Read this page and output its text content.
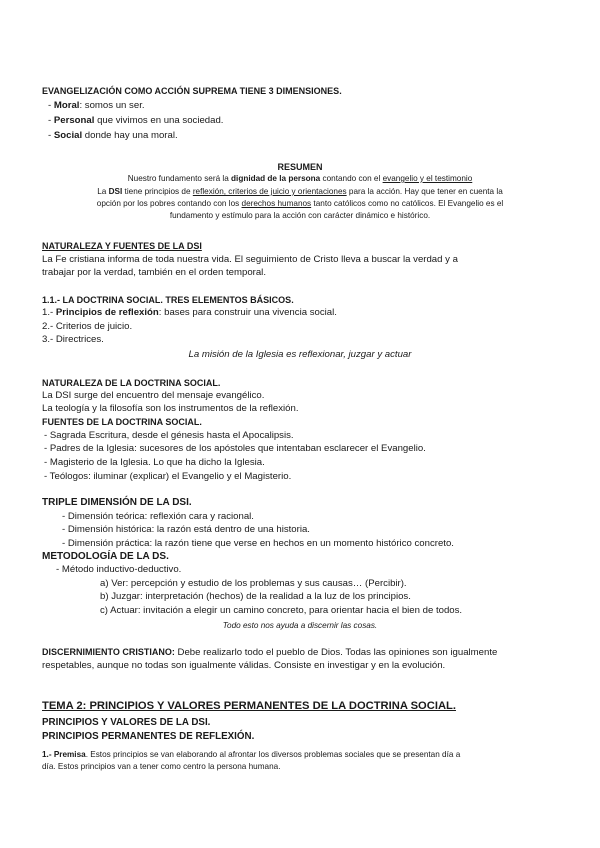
EVANGELIZACIÓN COMO ACCIÓN SUPREMA TIENE 3 DIMENSIONES.
- Moral: somos un ser.
- Personal que vivimos en una sociedad.
- Social donde hay una moral.
RESUMEN
Nuestro fundamento será la dignidad de la persona contando con el evangelio y el testimonio
La DSI tiene principios de reflexión, criterios de juicio y orientaciones para la acción. Hay que tener en cuenta la
opción por los pobres contando con los derechos humanos tanto católicos como no católicos. El Evangelio es el
fundamento y estímulo para la acción con carácter dinámico e histórico.
NATURALEZA Y FUENTES DE LA DSI
La Fe cristiana informa de toda nuestra vida. El seguimiento de Cristo lleva a buscar la verdad y a
trabajar por la verdad, también en el orden temporal.
1.1.- LA DOCTRINA SOCIAL. TRES ELEMENTOS BÁSICOS.
1.- Principios de reflexión: bases para construir una vivencia social.
2.- Criterios de juicio.
3.- Directrices.
La misión de la Iglesia es reflexionar, juzgar y actuar
NATURALEZA DE LA DOCTRINA SOCIAL.
La DSI surge del encuentro del mensaje evangélico.
La teología y la filosofía son los instrumentos de la reflexión.
FUENTES DE LA DOCTRINA SOCIAL.
- Sagrada Escritura, desde el génesis hasta el Apocalipsis.
- Padres de la Iglesia: sucesores de los apóstoles que intentaban esclarecer el Evangelio.
- Magisterio de la Iglesia. Lo que ha dicho la Iglesia.
- Teólogos: iluminar (explicar) el Evangelio y el Magisterio.
TRIPLE DIMENSIÓN DE LA DSI.
- Dimensión teórica: reflexión cara y racional.
- Dimensión histórica: la razón está dentro de una historia.
- Dimensión práctica: la razón tiene que verse en hechos en un momento histórico concreto.
METODOLOGÍA DE LA DS.
- Método inductivo-deductivo.
a) Ver: percepción y estudio de los problemas y sus causas… (Percibir).
b) Juzgar: interpretación (hechos) de la realidad a la luz de los principios.
c) Actuar: invitación a elegir un camino concreto, para orientar hacia el bien de todos.
Todo esto nos ayuda a discernir las cosas.
DISCERNIMIENTO CRISTIANO: Debe realizarlo todo el pueblo de Dios. Todas las opiniones son igualmente
respetables, aunque no todas son igualmente válidas. Consiste en investigar y en la evolución.
TEMA 2: PRINCIPIOS Y VALORES PERMANENTES DE LA DOCTRINA SOCIAL.
PRINCIPIOS Y VALORES DE LA DSI.
PRINCIPIOS PERMANENTES DE REFLEXIÓN.
1.- Premisa. Estos principios se van elaborando al afrontar los diversos problemas sociales que se presentan día a
día. Estos principios van a tener como centro la persona humana.
